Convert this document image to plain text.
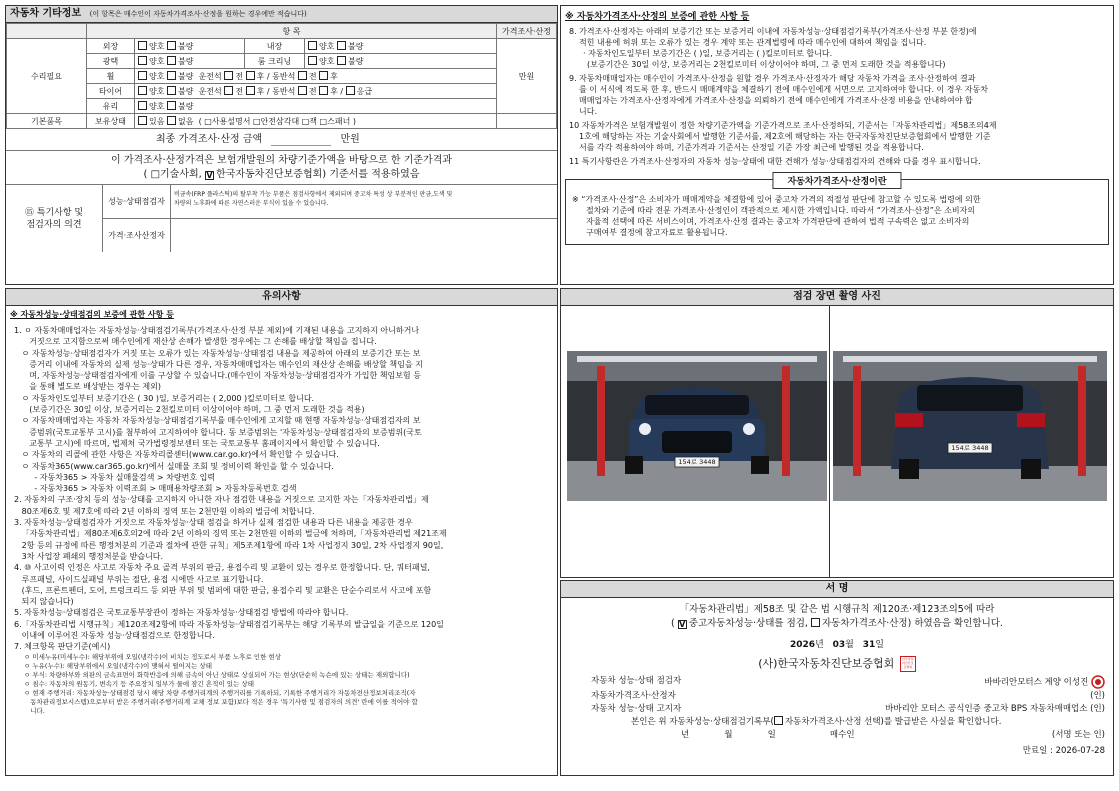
자동차 기타정보 (이 항목은 매수인이 자동차가격조사·산정을 원하는 경우에만 적습니다)
	항 목				가격조사·산정
수리필요	외장	양호 불량	내장	양호 불량	만원
	광택	양호 불량	룸 크리닝	양호 불량	
	휠	양호 불량 운전석 전 후 / 동반석 전 후			
	타이어	양호 불량 운전석 전 후 / 동반석 전 후 / 응급			
	유리	양호 불량			
기본품목	보유상태	있음 없음 ( □사용설명서 □안전삼각대 □잭 □스패너 )			
최종 가격조사·산정 금액	만원
이 가격조사·산정가격은 보험개발원의 차량기준가액을 바탕으로 한 기준가격과
( □기술사회, V 한국자동차진단보증협회) 기준서를 적용하였음
⑮ 특기사항 및
점검자의 의견
성능·상태점검자
비금속(FRP 플라스틱)의 탈부착 가능 부품은 점검사항에서 제외되며 중고차 특성 상 부분적인 판금,도색 및
차량의 노후화에 따른 자연스러운 부식이 있을 수 있습니다.
가격·조사산정자
※ 자동차가격조사·산정의 보증에 관한 사항 등
8. 가격조사·산정자는 아래의 보증기간 또는 보증거리 이내에 자동차성능·상태점검기록부(가격조사·산정 부분 한정)에
적힌 내용에 허위 또는 오류가 있는 경우 계약 또는 관계법령에 따라 매수인에 대하여 책임을 집니다.
· 자동차인도일부터 보증기간은 ( )일, 보증거리는 ( )킬로미터로 합니다.
(보증기간은 30일 이상, 보증거리는 2천킬로미터 이상이어야 하며, 그 중 먼저 도래한 것을 적용합니다)
9. 자동차매매업자는 매수인이 가격조사·산정을 원할 경우 가격조사·산정자가 해당 자동차 가격을 조사·산정하여 결과
를 이 서식에 적도록 한 후, 반드시 매매계약을 체결하기 전에 매수인에게 서면으로 고지하여야 합니다. 이 경우 자동차
매매업자는 가격조사·산정자에게 가격조사·산정을 의뢰하기 전에 매수인에게 가격조사·산정 비용을 안내하여야 합
니다.
10 자동차가격은 보험개발원이 정한 차량기준가액을 기준가격으로 조사·산정하되, 기준서는「자동차관리법」제58조의4제
1호에 해당하는 자는 기술사회에서 발행한 기준서를, 제2호에 해당하는 자는 한국자동차진단보증협회에서 발행한 기준
서를 각각 적용하여야 하며, 기준가격과 기준서는 산정일 기준 가장 최근에 발행된 것을 적용합니다.
11 특기사항란은 가격조사·산정자의 자동차 성능·상태에 대한 견해가 성능·상태점검자의 견해와 다를 경우 표시합니다.
자동차가격조사·산정이란
※ “가격조사·산정”은 소비자가 매매계약을 체결함에 있어 중고차 가격의 적절성 판단에 참고할 수 있도록 법령에 의한
절차와 기준에 따라 전문 가격조사·산정인이 객관적으로 제시한 가액입니다. 따라서 “가격조사·산정”은 소비자의
자율적 선택에 따른 서비스이며, 가격조사·산정 결과는 중고차 가격판단에 관하여 법적 구속력은 없고 소비자의
구매여부 결정에 참고자료로 활용됩니다.
유의사항
※ 자동차성능·상태점검의 보증에 관한 사항 등
1. ㅇ 자동차매매업자는 자동차성능·상태점검기록부(가격조사·산정 부분 제외)에 기재된 내용을 고지하지 아니하거나
거짓으로 고지함으로써 매수인에게 재산상 손해가 발생한 경우에는 그 손해를 배상할 책임을 집니다.
ㅇ 자동차성능·상태점검자가 거짓 또는 오류가 있는 자동차성능·상태점검 내용을 제공하여 아래의 보증기간 또는 보
증거리 이내에 자동차의 실제 성능·상태가 다른 경우, 자동차매매업자는 매수인의 재산상 손해를 배상할 책임을 지
며, 자동차성능·상태점검자에게 이를 구상할 수 있습니다.(매수인이 자동차성능·상태점검자가 가입한 책임보험 등
을 통해 별도로 배상받는 경우는 제외)
ㅇ 자동차인도일부터 보증기간은 ( 30 )일, 보증거리는 ( 2,000 )킬로미터로 합니다.
(보증기간은 30일 이상, 보증거리는 2천킬로미터 이상이어야 하며, 그 중 먼저 도래한 것을 적용)
ㅇ 자동차매매업자는 자동차 자동차성능·상태점검기록부를 매수인에게 고지할 때 현행 자동차성능·상태점검자의 보
증범위(국토교통부 고시)를 첨부하여 고지하여야 합니다. 동 보증범위는 '자동차성능·상태점검자의 보증범위(국토
교통부 고시)에 따르며, 법제처 국가법령정보센터 또는 국토교통부 홈페이지에서 확인할 수 있습니다.
ㅇ 자동차의 리콜에 관한 사항은 자동차리콜센터(www.car.go.kr)에서 확인할 수 있습니다.
ㅇ 자동차365(www.car365.go.kr)에서 실매물 조회 및 정비이력 확인을 할 수 있습니다.
- 자동차365 > 자동차 실매물검색 > 차량번호 입력
- 자동차365 > 자동차 이력조회 > 매매용차량조회 > 자동차등록번호 검색
2. 자동차의 구조·장치 등의 성능·상태를 고지하지 아니한 자나 점검한 내용을 거짓으로 고지한 자는「자동차관리법」제
80조제6호 및 제7호에 따라 2년 이하의 징역 또는 2천만원 이하의 벌금에 처합니다.
3. 자동차성능·상태점검자가 거짓으로 자동차성능·상태 점검을 하거나 실제 점검한 내용과 다른 내용을 제공한 경우
「자동차관리법」제80조제6호의2에 따라 2년 이하의 징역 또는 2천만원 이하의 벌금에 처하며,「자동차관리법 제21조제
2항 등의 규정에 따른 행정처분의 기준과 절차에 관한 규칙」제5조제1항에 따라 1차 사업정지 30일, 2차 사업정지 90일,
3차 사업장 폐쇄의 행정처분을 받습니다.
4. ⑩ 사고이력 인정은 사고로 자동차 주요 골격 부위의 판금, 용접수리 및 교환이 있는 경우로 한정합니다. 단, 쿼터패널,
루프패널, 사이드실패널 부위는 절단, 용접 시에만 사고로 표기합니다.
(후드, 프론트펜더, 도어, 트렁크리드 등 외판 부위 및 범퍼에 대한 판금, 용접수리 및 교환은 단순수리로서 사고에 포함
되지 않습니다)
5. 자동차성능·상태점검은 국토교통부장관이 정하는 자동차성능·상태점검 방법에 따라야 합니다.
6.「자동차관리법 시행규칙」제120조제2항에 따라 자동차성능·상태점검기록부는 해당 기록부의 발급일을 기준으로 120일
이내에 이루어진 자동차 성능·상태점검으로 한정합니다.
7. 체크항목 판단기준(예시)
ㅇ 미세누유(미세누수): 해당부위에 오일(냉각수)이 비치는 정도로서 부품 노후로 인한 현상
ㅇ 누유(누수): 해당부위에서 오일(냉각수)이 맺혀서 떨어지는 상태
ㅇ 부식: 차량하부와 외판의 금속표면이 화학반응에 의해 금속이 아닌 상태로 상실되어 가는 현상(단순히 녹슨에 있는 상태는 제외합니다)
ㅇ 침수: 자동차의 원동기, 변속기 등 주요장치 일부가 물에 잠긴 흔적이 있는 상태
ㅇ 현재 주행거리: 자동차성능·상태점검 당시 해당 차량 주행거리계의 주행거리를 기록하되, 기록한 주행거리가 자동차전산정보처리조직(자
동차관리정보시스템)으로부터 받은 주행거리(주행거리계 교체 정보 포함)보다 적은 경우 '특기사항 및 점검자의 의견' 란에 이를 적어야 합
니다.
점검 장면 촬영 사진
154로 3448
154로 3448
서 명
「자동차관리법」제58조 및 같은 법 시행규칙 제120조·제123조의5에 따라
( V 중고자동차성능·상태를 점검, 자동차가격조사·산정) 하였음을 확인합니다.
2026년 03월 31일
(사)한국자동차진단보증협회	한국자동차진단보증협회
자동차 성능·상태 점검자	바바리안모터스 계양 이성진
자동차가격조사·산정자	(인)
자동차 성능·상태 고지자	바바리안 모터스 공식인증 중고차 BPS 자동차매매업소 (인)
본인은 위 자동차성능·상태점검기록부( 자동차가격조사·산정 선택)를 발급받은 사실을 확인합니다.
년             월             일                    매수인	(서명 또는 인)
만료일 : 2026-07-28
